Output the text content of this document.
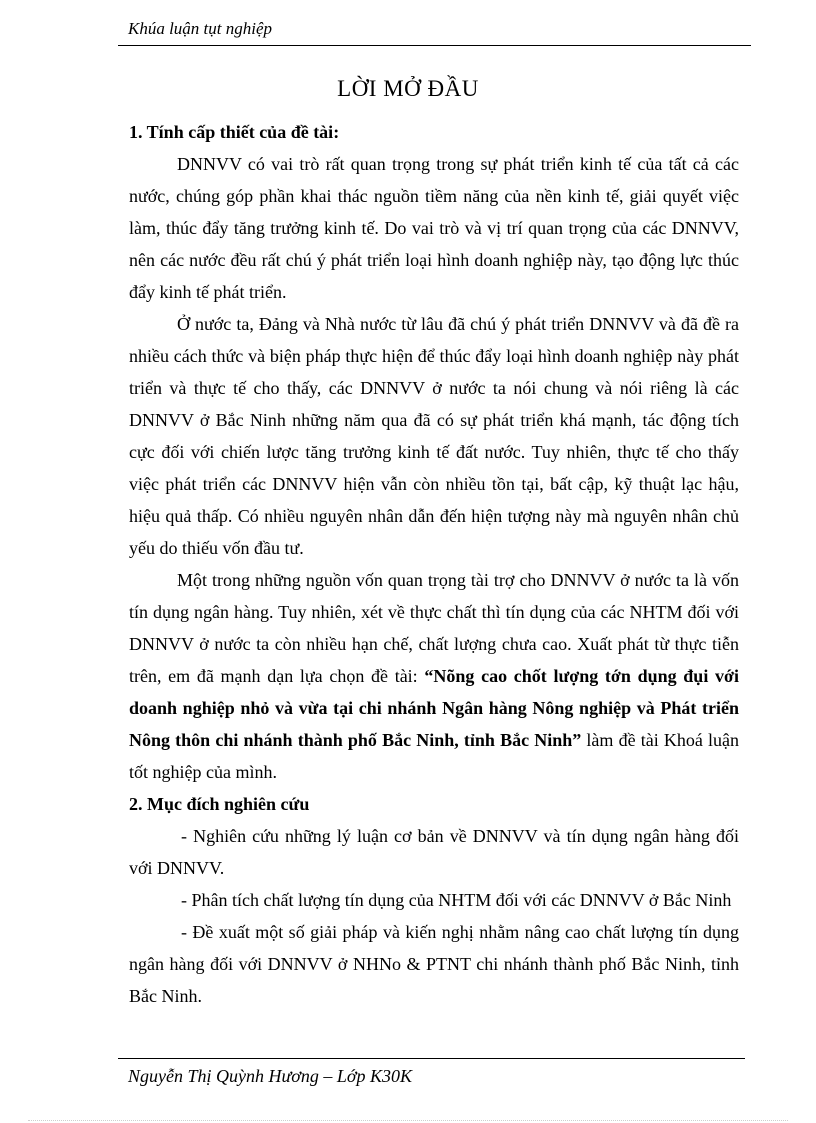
Khúa luận tụt nghiệp
LỜI MỞ ĐẦU

1. Tính cấp thiết của đề tài:

DNNVV có vai trò rất quan trọng trong sự phát triển kinh tế của tất cả các nước, chúng góp phần khai thác nguồn tiềm năng của nền kinh tế, giải quyết việc làm, thúc đẩy tăng trưởng kinh tế. Do vai trò và vị trí quan trọng của các DNNVV, nên các nước đều rất chú ý phát triển loại hình doanh nghiệp này, tạo động lực thúc đẩy kinh tế phát triển.

Ở nước ta, Đảng và Nhà nước từ lâu đã chú ý phát triển DNNVV và đã đề ra nhiều cách thức và biện pháp thực hiện để thúc đẩy loại hình doanh nghiệp này phát triển và thực tế cho thấy, các DNNVV ở nước ta nói chung và nói riêng là các DNNVV ở Bắc Ninh những năm qua đã có sự phát triển khá mạnh, tác động tích cực đối với chiến lược tăng trưởng kinh tế đất nước. Tuy nhiên, thực tế cho thấy việc phát triển các DNNVV hiện vẫn còn nhiều tồn tại, bất cập, kỹ thuật lạc hậu, hiệu quả thấp. Có nhiều nguyên nhân dẫn đến hiện tượng này mà nguyên nhân chủ yếu do thiếu vốn đầu tư.

Một trong những nguồn vốn quan trọng tài trợ cho DNNVV ở nước ta là vốn tín dụng ngân hàng. Tuy nhiên, xét về thực chất thì tín dụng của các NHTM đối với DNNVV ở nước ta còn nhiều hạn chế, chất lượng chưa cao. Xuất phát từ thực tiễn trên, em đã mạnh dạn lựa chọn đề tài: “Nõng cao chốt lượng tớn dụng đụi với doanh nghiệp nhỏ và vừa tại chi nhánh Ngân hàng Nông nghiệp và Phát triển Nông thôn chi nhánh thành phố Bắc Ninh, tỉnh Bắc Ninh” làm đề tài Khoá luận tốt nghiệp của mình.

2. Mục đích nghiên cứu

- Nghiên cứu những lý luận cơ bản về DNNVV và tín dụng ngân hàng đối với DNNVV.

- Phân tích chất lượng tín dụng của NHTM đối với các DNNVV ở Bắc Ninh

- Đề xuất một số giải pháp và kiến nghị nhằm nâng cao chất lượng tín dụng ngân hàng đối với DNNVV ở NHNo & PTNT chi nhánh thành phố Bắc Ninh, tỉnh Bắc Ninh.

Nguyễn Thị Quỳnh Hương – Lớp K30K
